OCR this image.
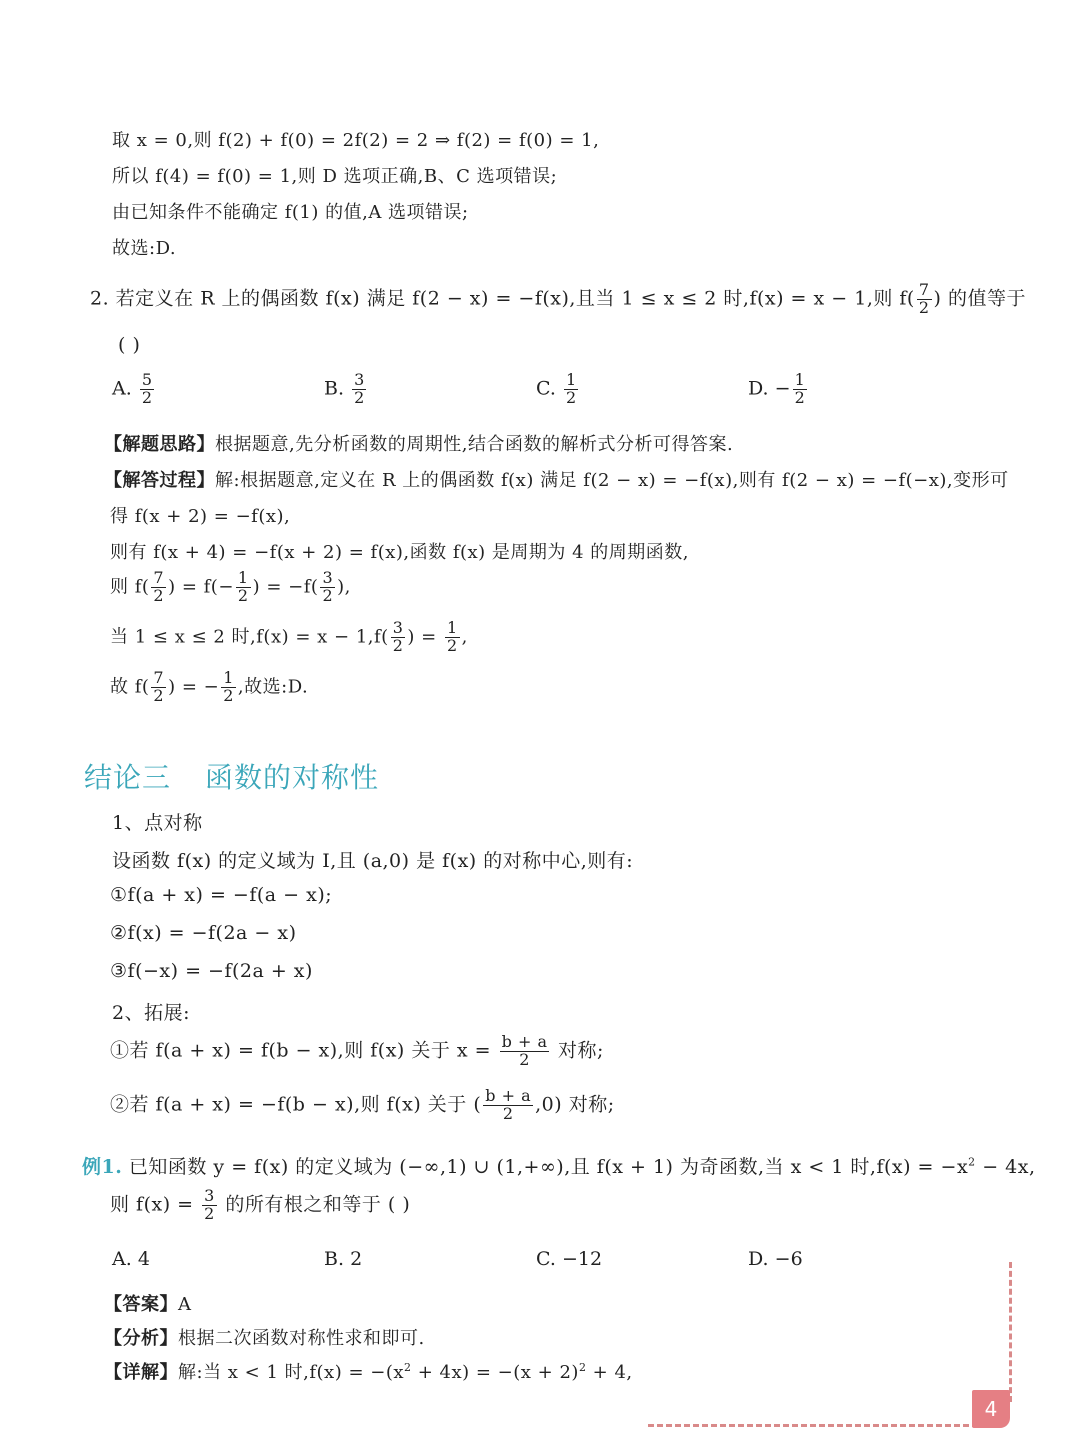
取 x = 0,则 f(2) + f(0) = 2f(2) = 2 ⇒ f(2) = f(0) = 1,
所以 f(4) = f(0) = 1,则 D 选项正确,B、C 选项错误;
由已知条件不能确定 f(1) 的值,A 选项错误;
故选:D.
2. 若定义在 R 上的偶函数 f(x) 满足 f(2 − x) = −f(x),且当 1 ≤ x ≤ 2 时,f(x) = x − 1,则 $f( \frac{7}{2}$ ) 的值等于
( )
A. $\frac{5}{2}$	B. $\frac{3}{2}$	C. $\frac{1}{2}$	D. − $\frac{1}{2}$
【解题思路】根据题意,先分析函数的周期性,结合函数的解析式分析可得答案.
【解答过程】解:根据题意,定义在 R 上的偶函数 f(x) 满足 f(2 − x) = −f(x),则有 f(2 − x) = −f(−x),变形可
得 f(x + 2) = −f(x),
则有 f(x + 4) = −f(x + 2) = f(x),函数 f(x) 是周期为 4 的周期函数,
则 $f( \frac{7}{2}$ ) = $f(- \frac{1}{2}$ ) = $-f( \frac{3}{2}$ ),
当 1 ≤ x ≤ 2 时$,f(x) = x - 1,f( \frac{3}{2}$ ) = $\frac{1}{2}$ ,
故 $f( \frac{7}{2}$ ) = − $\frac{1}{2}$ ,故选:D.
结论三 函数的对称性
1、点对称
设函数 f(x) 的定义域为 I,且 (a,0) 是 f(x) 的对称中心,则有:
①f(a + x) = −f(a − x);
②f(x) = −f(2a − x)
③f(−x) = −f(2a + x)
2、拓展:
①若 f(a + x) = f(b − x),则 f(x) 关于 $x = \frac{b + a}{2}$ 对称;
②若 f(a + x) = −f(b − x),则 f(x) 关于 ( $\frac{b + a}{2} ,0$) 对称;
例1. 已知函数 y = f(x) 的定义域为 (−∞,1) ∪ (1,+∞),且 f(x + 1) 为奇函数,当 x < 1 时$,f(x) = -x^2 - 4x$,
则 $f(x) = \frac{3}{2}$ 的所有根之和等于 ( )
A. 4	B. 2	C. −12	D. −6
【答案】A
【分析】根据二次函数对称性求和即可.
【详解】解:当 x < 1 时$,f(x) = -(x^2 + 4x) = -(x + 2)^2 + 4$,
4
